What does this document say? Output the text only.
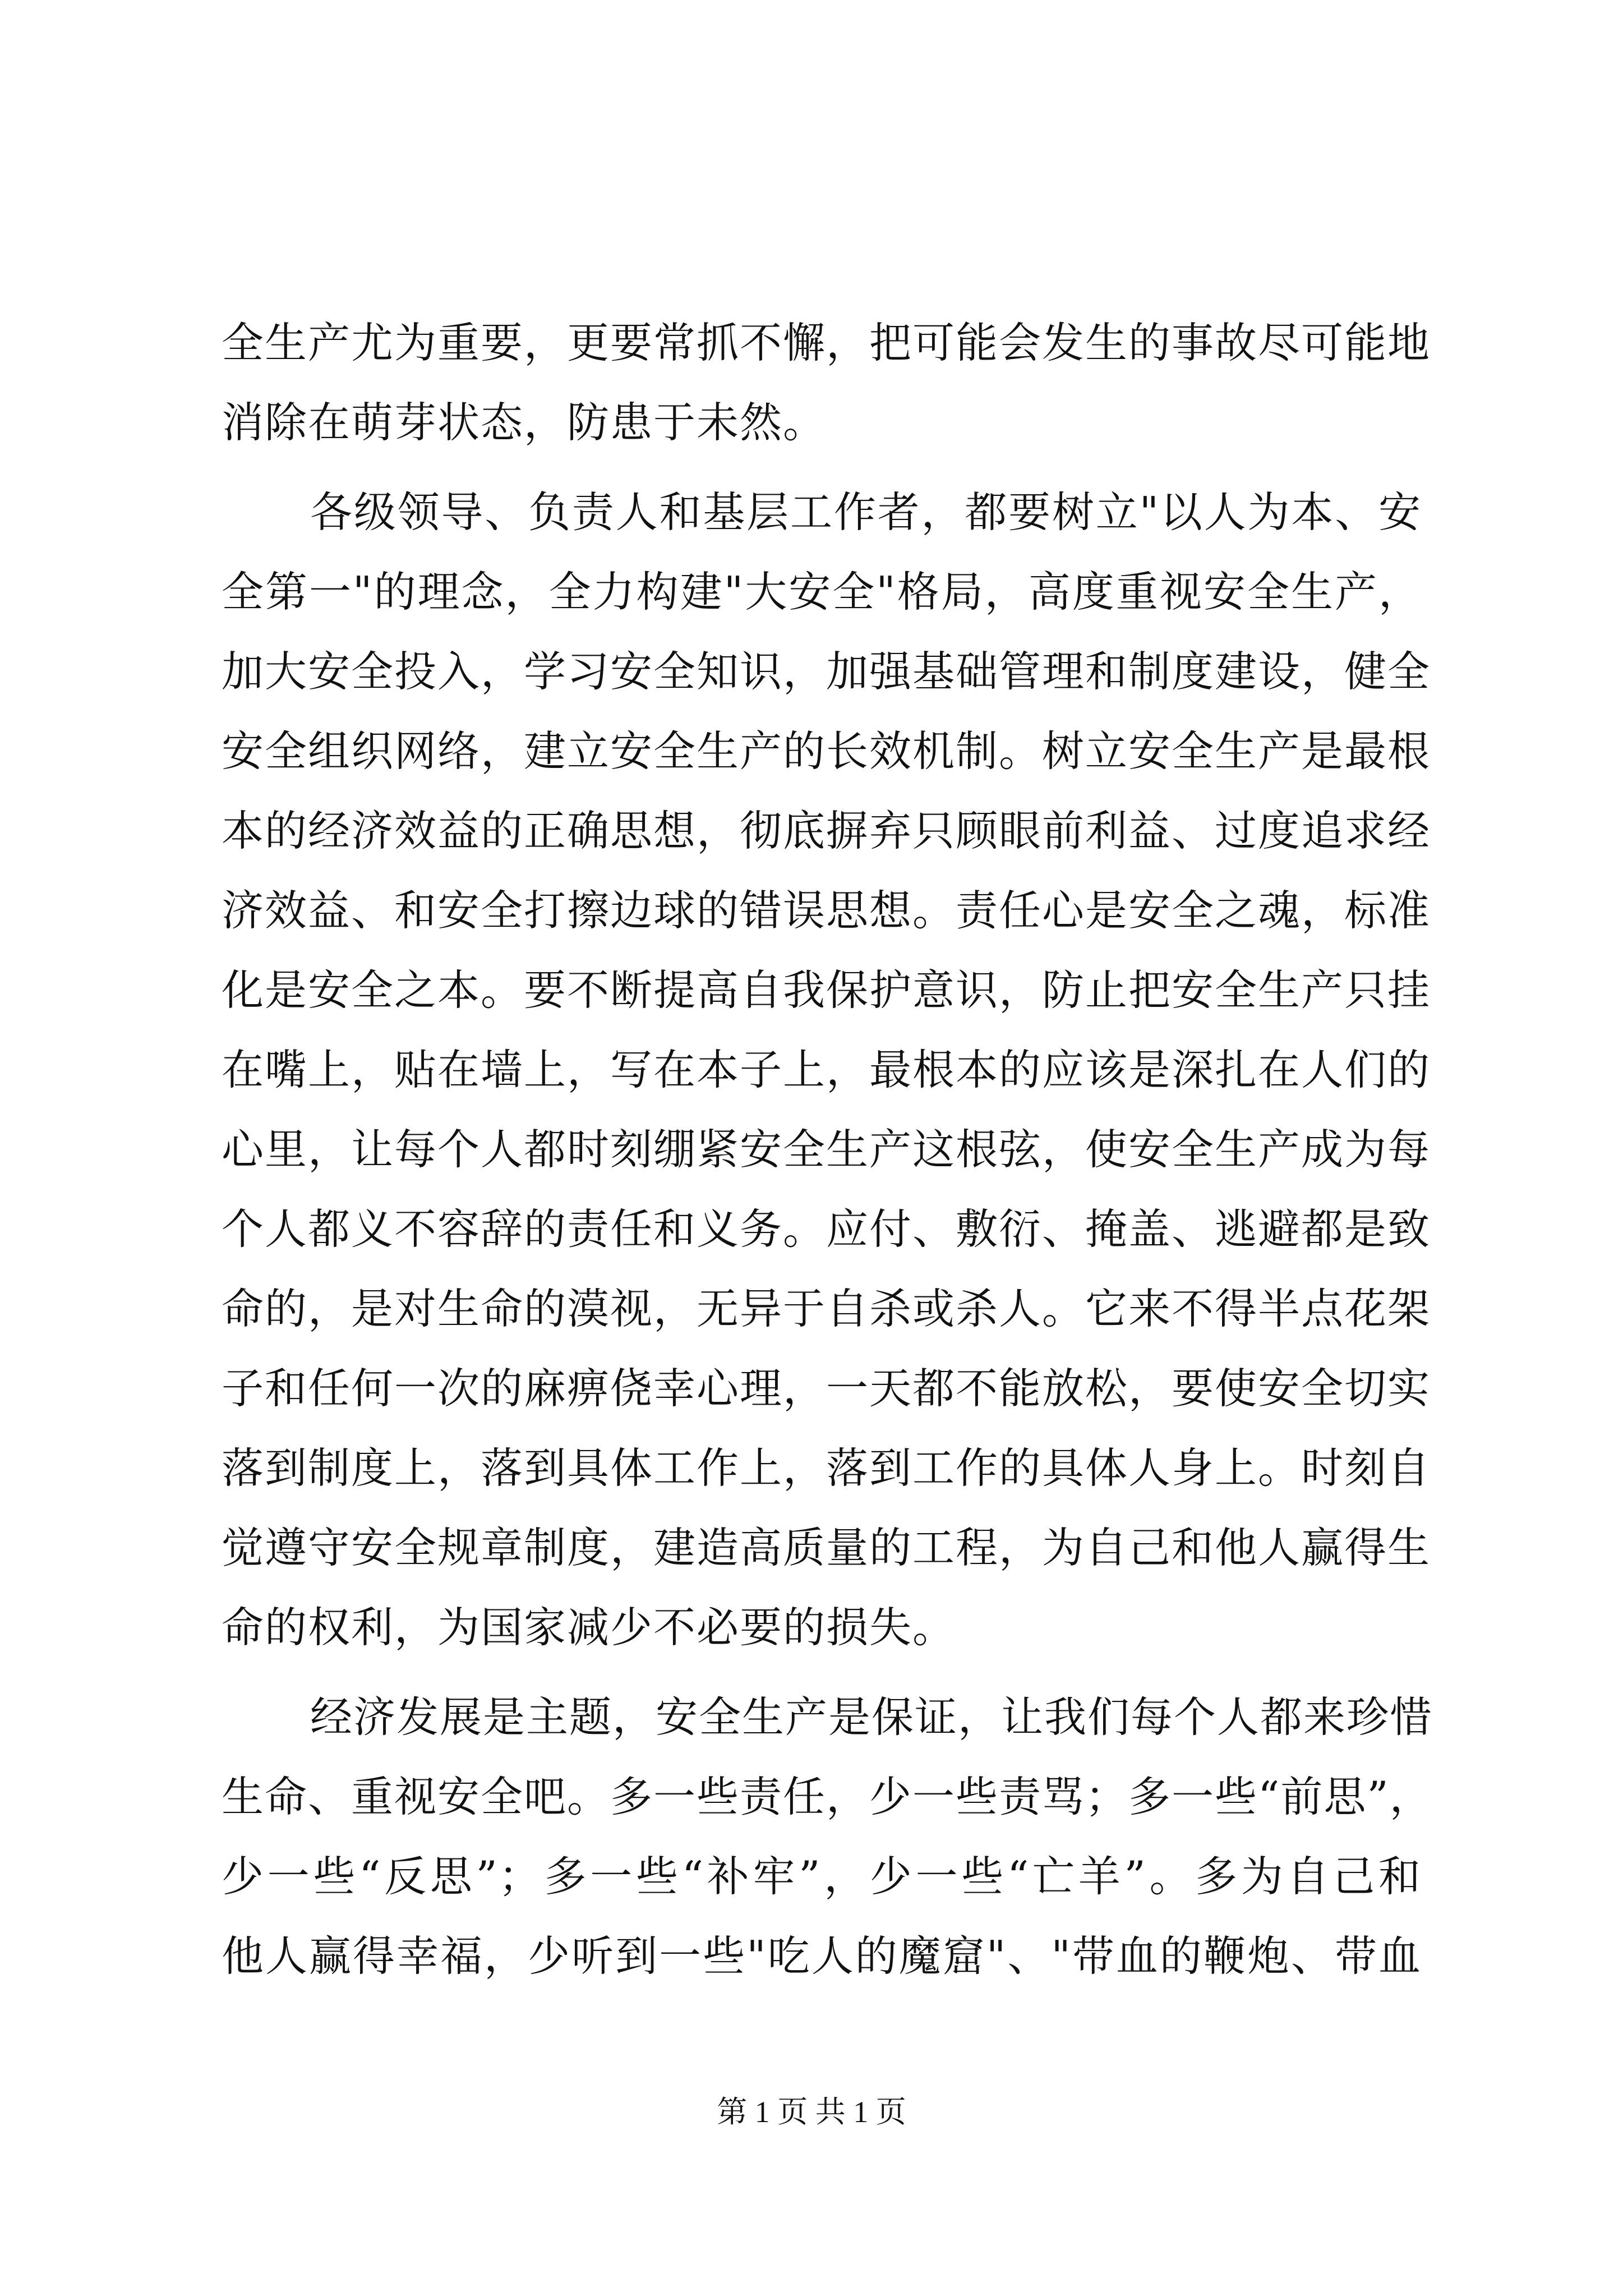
全生产尤为重要，更要常抓不懈，把可能会发生的事故尽可能地
消除在萌芽状态，防患于未然。
各级领导、负责人和基层工作者，都要树立"以人为本、安
全第一"的理念，全力构建"大安全"格局，高度重视安全生产，
加大安全投入，学习安全知识，加强基础管理和制度建设，健全
安全组织网络，建立安全生产的长效机制。树立安全生产是最根
本的经济效益的正确思想，彻底摒弃只顾眼前利益、过度追求经
济效益、和安全打擦边球的错误思想。责任心是安全之魂，标准
化是安全之本。要不断提高自我保护意识，防止把安全生产只挂
在嘴上，贴在墙上，写在本子上，最根本的应该是深扎在人们的
心里，让每个人都时刻绷紧安全生产这根弦，使安全生产成为每
个人都义不容辞的责任和义务。应付、敷衍、掩盖、逃避都是致
命的，是对生命的漠视，无异于自杀或杀人。它来不得半点花架
子和任何一次的麻痹侥幸心理，一天都不能放松，要使安全切实
落到制度上，落到具体工作上，落到工作的具体人身上。时刻自
觉遵守安全规章制度，建造高质量的工程，为自己和他人赢得生
命的权利，为国家减少不必要的损失。
经济发展是主题，安全生产是保证，让我们每个人都来珍惜
生命、重视安全吧。多一些责任，少一些责骂；多一些“前思”，
少一些“反思”；多一些“补牢”，少一些“亡羊”。多为自己和
他人赢得幸福，少听到一些"吃人的魔窟"、"带血的鞭炮、带血
第 1 页 共 1 页
